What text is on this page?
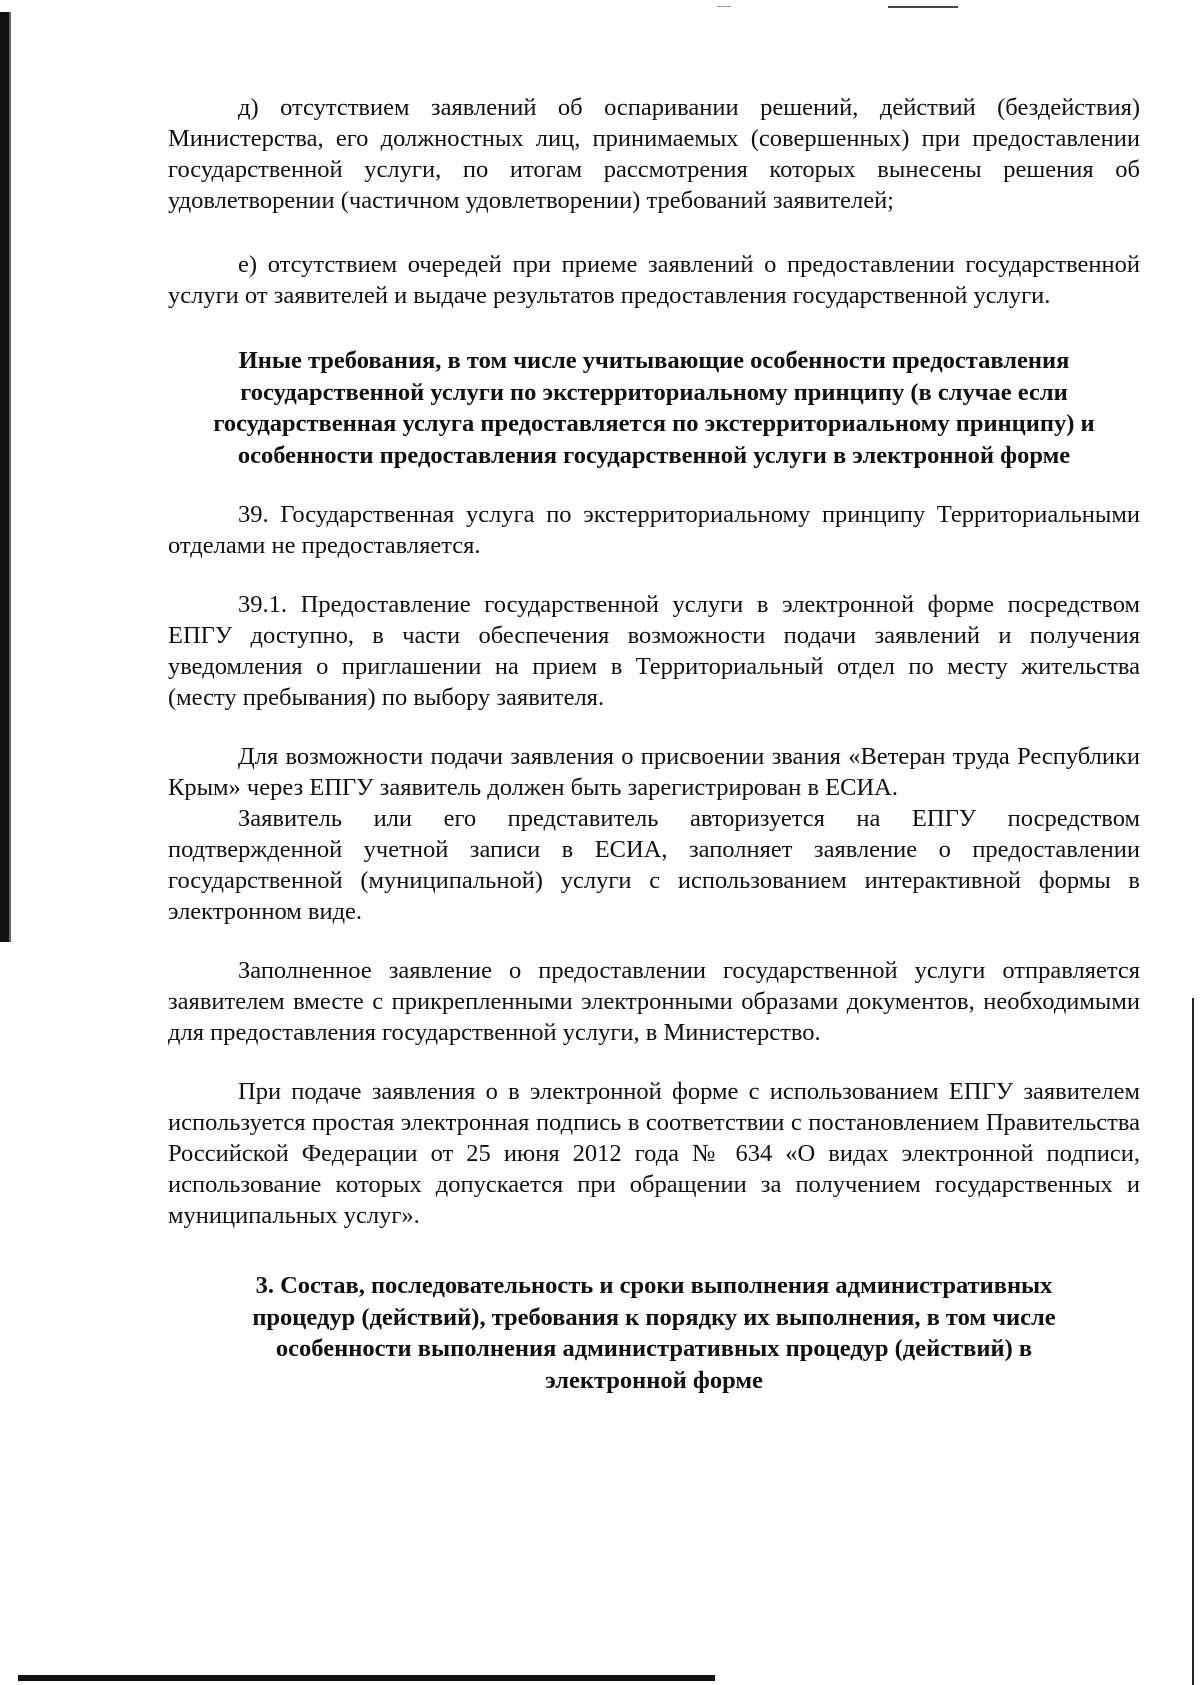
д) отсутствием заявлений об оспаривании решений, действий (бездействия) Министерства, его должностных лиц, принимаемых (совершенных) при предоставлении государственной услуги, по итогам рассмотрения которых вынесены решения об удовлетворении (частичном удовлетворении) требований заявителей;

е) отсутствием очередей при приеме заявлений о предоставлении государственной услуги от заявителей и выдаче результатов предоставления государственной услуги.

Иные требования, в том числе учитывающие особенности предоставления государственной услуги по экстерриториальному принципу (в случае если государственная услуга предоставляется по экстерриториальному принципу) и особенности предоставления государственной услуги в электронной форме

39. Государственная услуга по экстерриториальному принципу Территориальными отделами не предоставляется.

39.1. Предоставление государственной услуги в электронной форме посредством ЕПГУ доступно, в части обеспечения возможности подачи заявлений и получения уведомления о приглашении на прием в Территориальный отдел по месту жительства (месту пребывания) по выбору заявителя.

Для возможности подачи заявления о присвоении звания «Ветеран труда Республики Крым» через ЕПГУ заявитель должен быть зарегистрирован в ЕСИА.

Заявитель или его представитель авторизуется на ЕПГУ посредством подтвержденной учетной записи в ЕСИА, заполняет заявление о предоставлении государственной (муниципальной) услуги с использованием интерактивной формы в электронном виде.

Заполненное заявление о предоставлении государственной услуги отправляется заявителем вместе с прикрепленными электронными образами документов, необходимыми для предоставления государственной услуги, в Министерство.

При подаче заявления о в электронной форме с использованием ЕПГУ заявителем используется простая электронная подпись в соответствии с постановлением Правительства Российской Федерации от 25 июня 2012 года № 634 «О видах электронной подписи, использование которых допускается при обращении за получением государственных и муниципальных услуг».

3. Состав, последовательность и сроки выполнения административных процедур (действий), требования к порядку их выполнения, в том числе особенности выполнения административных процедур (действий) в электронной форме
